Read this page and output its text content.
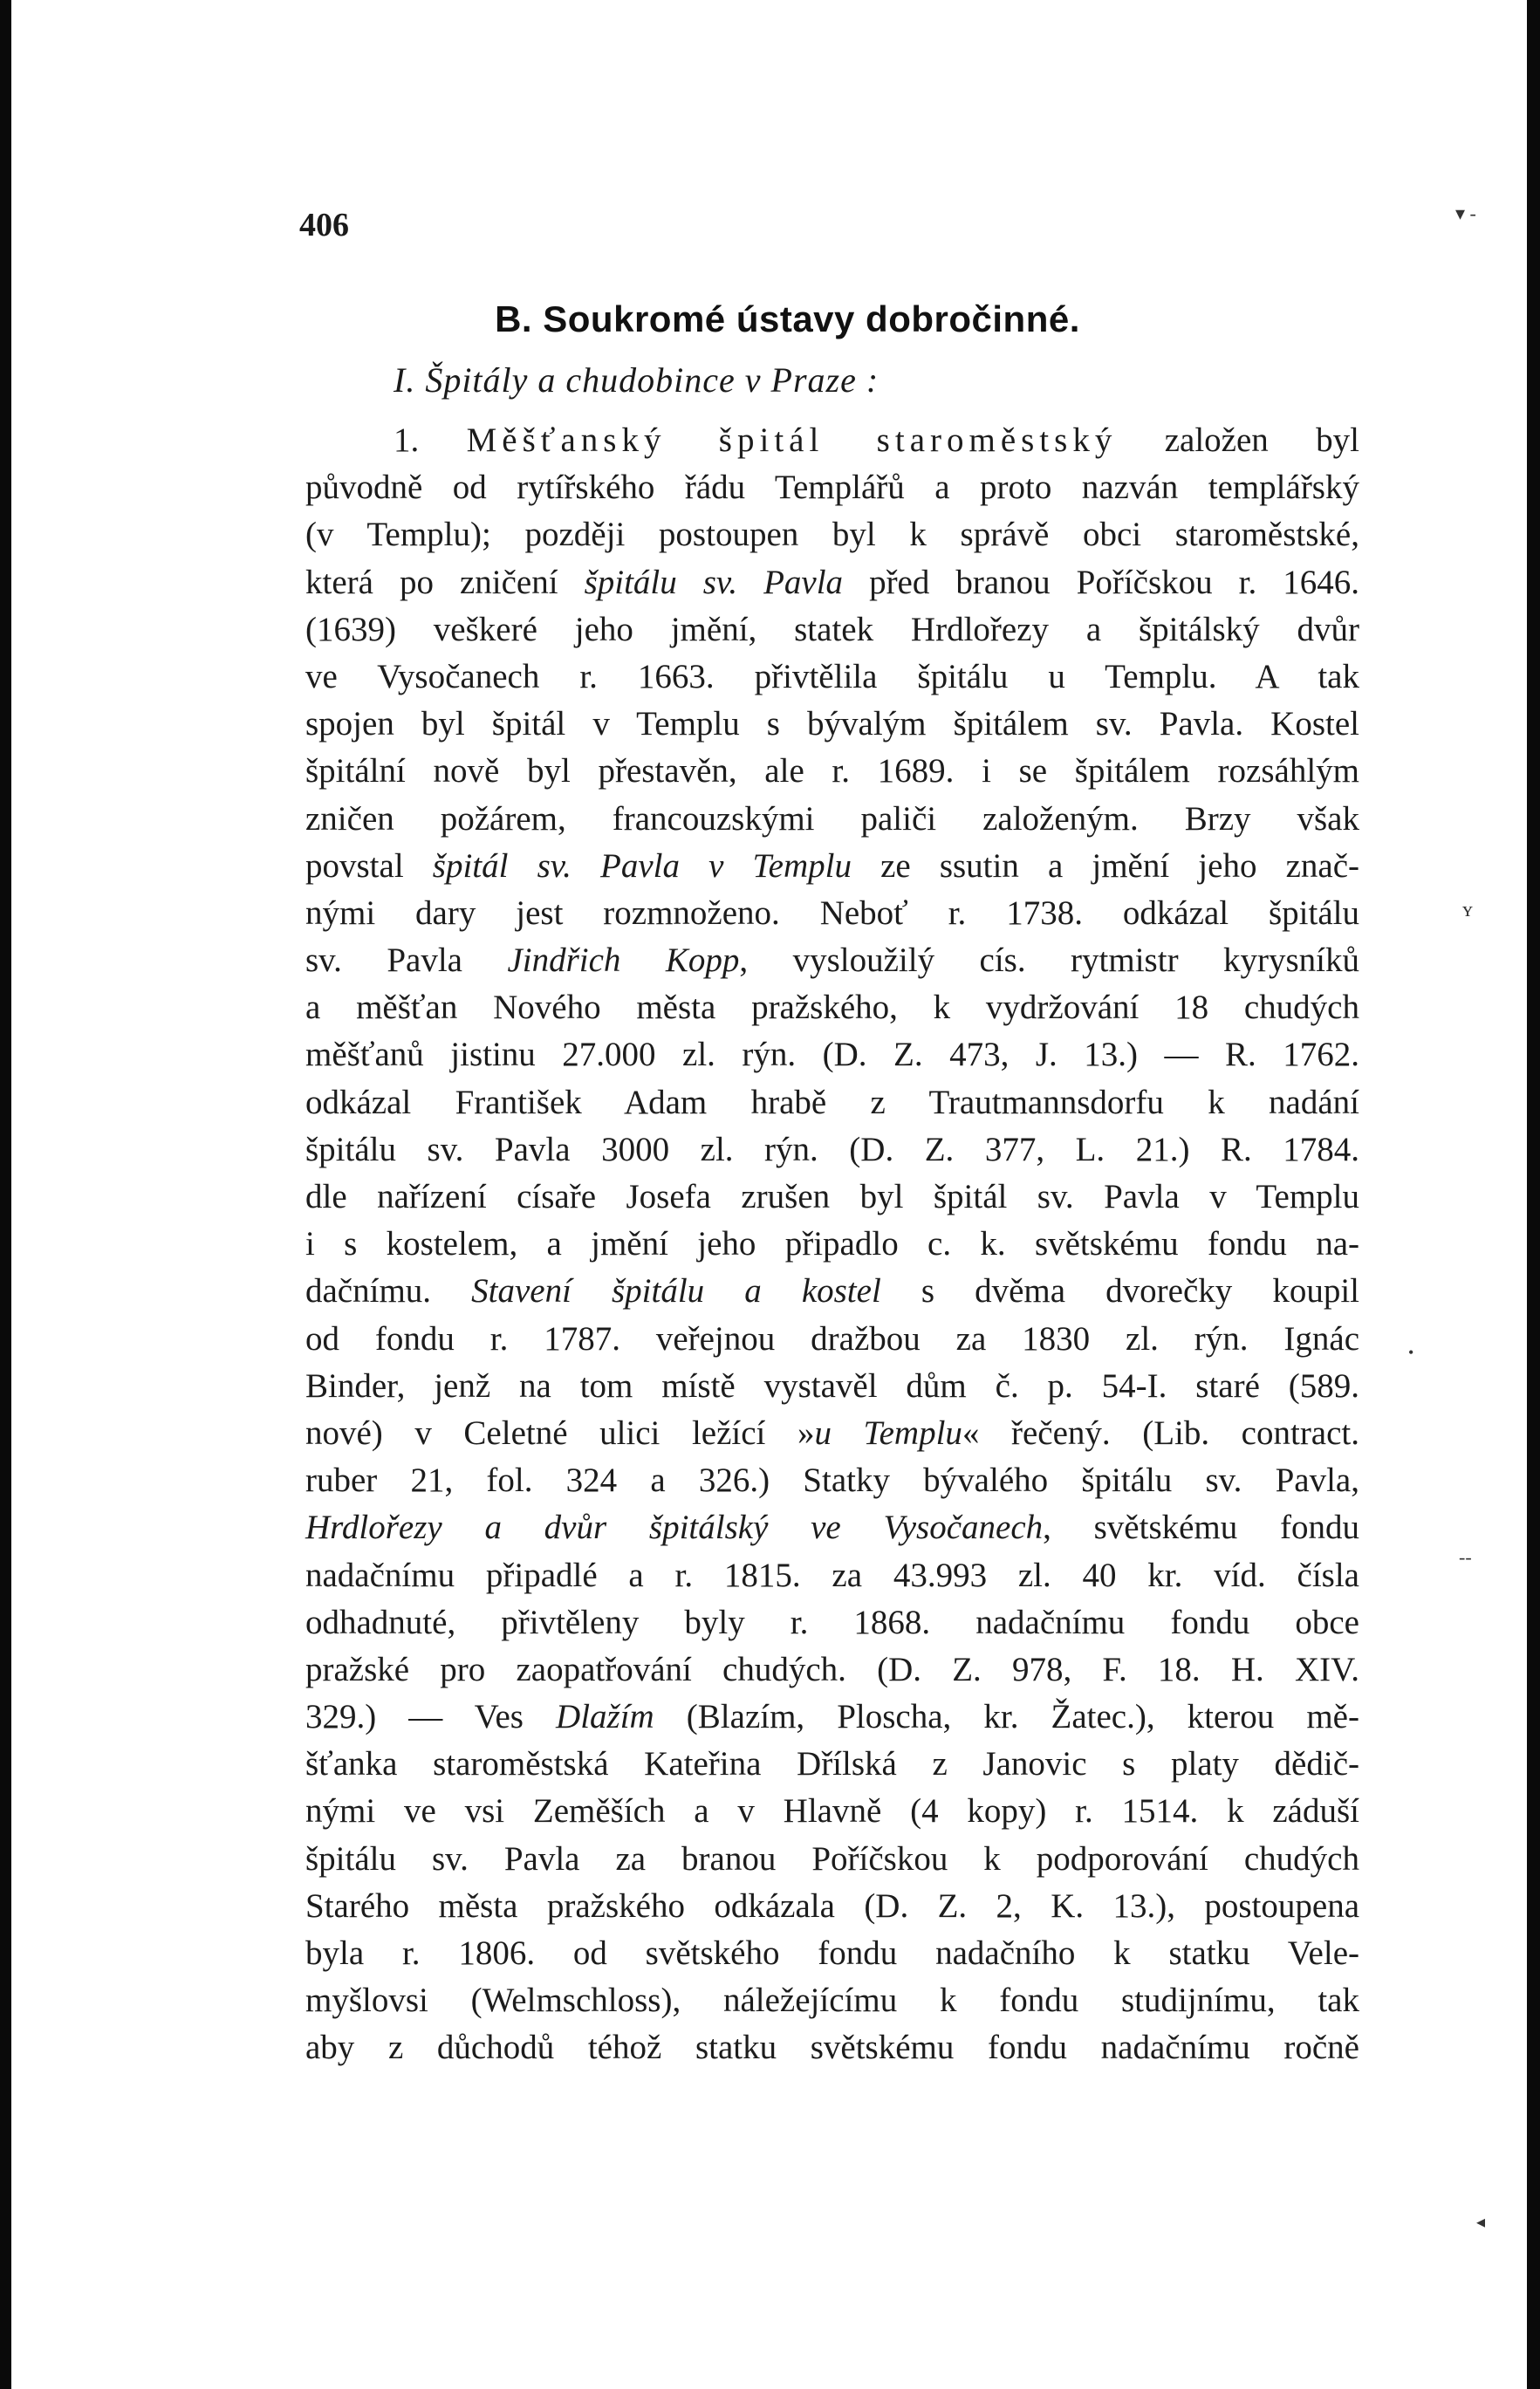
406
B. Soukromé ústavy dobročinné.
I. Špitály a chudobince v Praze :
1. Měšťanský špitál staroměstský založen byl
původně od rytířského řádu Templářů a proto nazván templářský
(v Templu); později postoupen byl k správě obci staroměstské,
která po zničení špitálu sv. Pavla před branou Poříčskou r. 1646.
(1639) veškeré jeho jmění, statek Hrdlořezy a špitálský dvůr
ve Vysočanech r. 1663. přivtělila špitálu u Templu. A tak
spojen byl špitál v Templu s bývalým špitálem sv. Pavla. Kostel
špitální nově byl přestavěn, ale r. 1689. i se špitálem rozsáhlým
zničen požárem, francouzskými paliči založeným. Brzy však
povstal špitál sv. Pavla v Templu ze ssutin a jmění jeho znač-
nými dary jest rozmnoženo. Neboť r. 1738. odkázal špitálu
sv. Pavla Jindřich Kopp, vysloužilý cís. rytmistr kyrysníků
a měšťan Nového města pražského, k vydržování 18 chudých
měšťanů jistinu 27.000 zl. rýn. (D. Z. 473, J. 13.) — R. 1762.
odkázal František Adam hrabě z Trautmannsdorfu k nadání
špitálu sv. Pavla 3000 zl. rýn. (D. Z. 377, L. 21.) R. 1784.
dle nařízení císaře Josefa zrušen byl špitál sv. Pavla v Templu
i s kostelem, a jmění jeho připadlo c. k. světskému fondu na-
dačnímu. Stavení špitálu a kostel s dvěma dvorečky koupil
od fondu r. 1787. veřejnou dražbou za 1830 zl. rýn. Ignác
Binder, jenž na tom místě vystavěl dům č. p. 54-I. staré (589.
nové) v Celetné ulici ležící »u Templu« řečený. (Lib. contract.
ruber 21, fol. 324 a 326.) Statky bývalého špitálu sv. Pavla,
Hrdlořezy a dvůr špitálský ve Vysočanech, světskému fondu
nadačnímu připadlé a r. 1815. za 43.993 zl. 40 kr. víd. čísla
odhadnuté, přivtěleny byly r. 1868. nadačnímu fondu obce
pražské pro zaopatřování chudých. (D. Z. 978, F. 18. H. XIV.
329.) — Ves Dlažím (Blazím, Ploscha, kr. Žatec.), kterou mě-
šťanka staroměstská Kateřina Dřílská z Janovic s platy dědič-
nými ve vsi Zeměších a v Hlavně (4 kopy) r. 1514. k záduší
špitálu sv. Pavla za branou Poříčskou k podporování chudých
Starého města pražského odkázala (D. Z. 2, K. 13.), postoupena
byla r. 1806. od světského fondu nadačního k statku Vele-
myšlovsi (Welmschloss), náležejícímu k fondu studijnímu, tak
aby z důchodů téhož statku světskému fondu nadačnímu ročně
▾ -
ʏ
•
‑‑
◂
